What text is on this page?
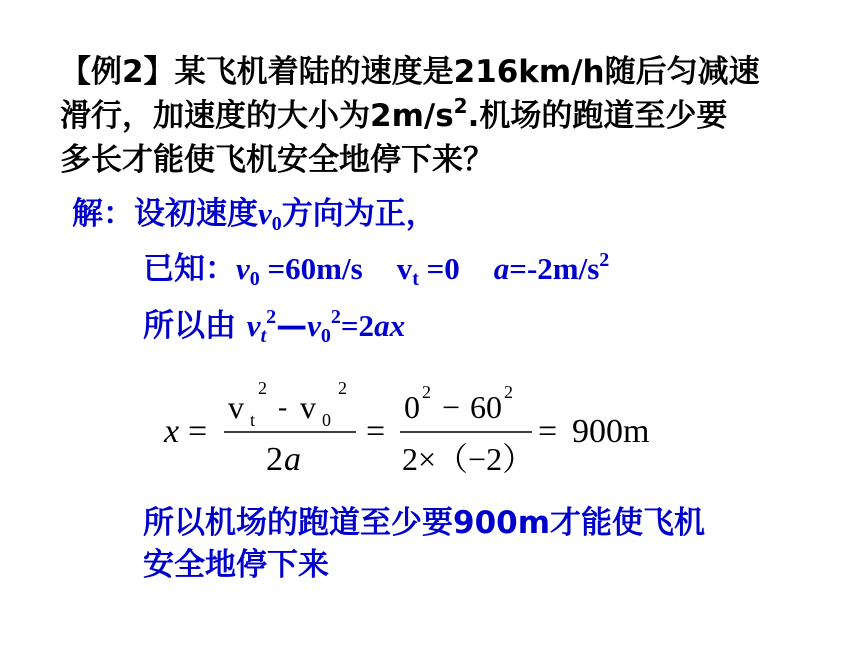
【例2】某飞机着陆的速度是216km/h随后匀减速
滑行，加速度的大小为$2m/s^2$.机场的跑道至少要
多长才能使飞机安全地停下来？
解：设初速度$v_0$方向为正，
已知：$v_0 =60m/s$ $v_t =0$ $a=-2m/s^2$
所以由 $v_t^2—v_0^2=2ax$
x =
v t
2
- v 0
2
2 a
=
0 2 − 60 2
2×（−2）
= 900m
所以机场的跑道至少要900m才能使飞机
安全地停下来
